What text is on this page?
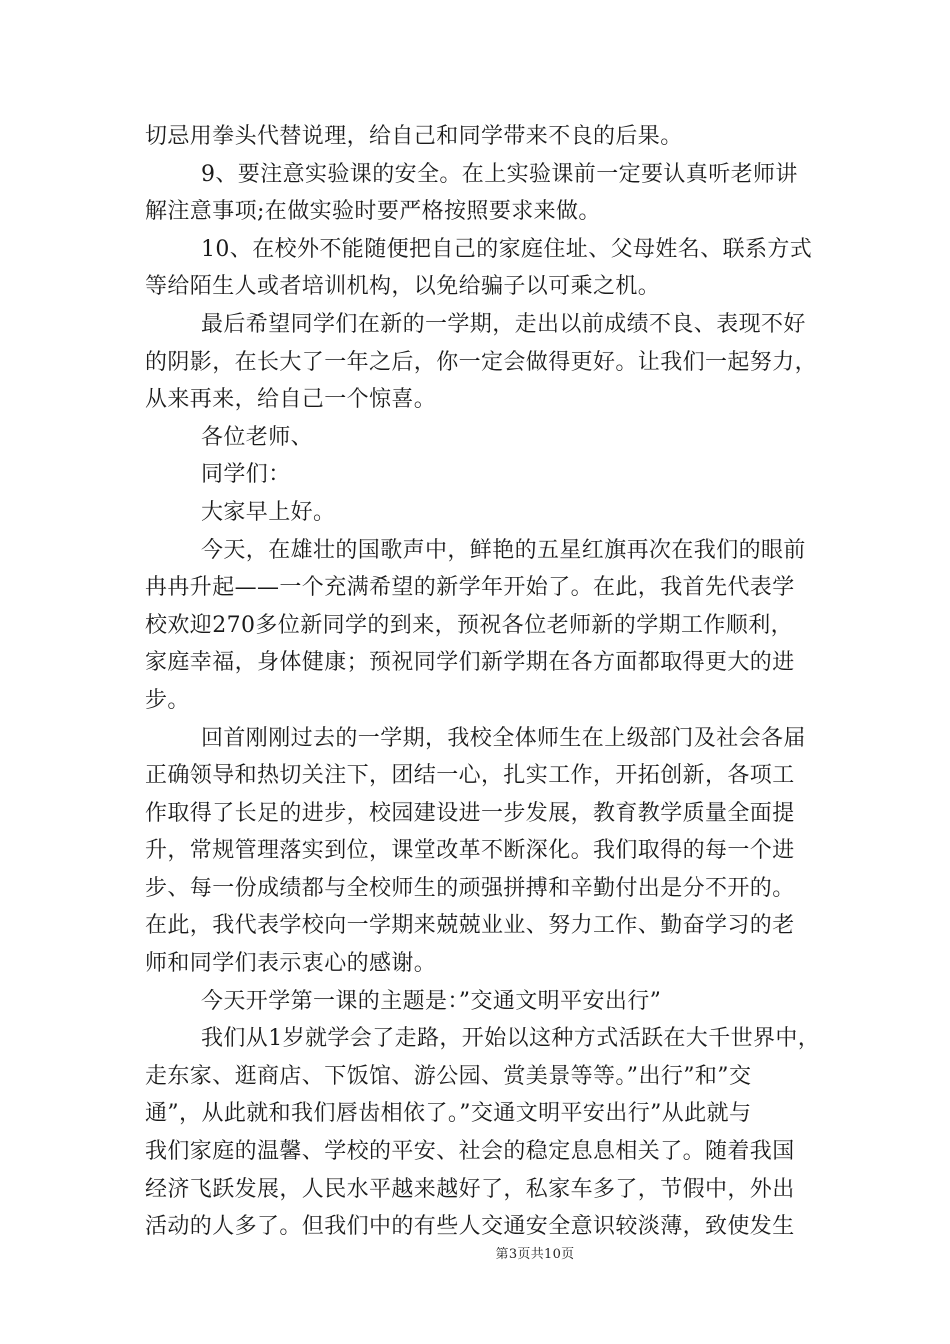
切忌用拳头代替说理，给自己和同学带来不良的后果。
9、要注意实验课的安全。在上实验课前一定要认真听老师讲
解注意事项;在做实验时要严格按照要求来做。
10、在校外不能随便把自己的家庭住址、父母姓名、联系方式
等给陌生人或者培训机构，以免给骗子以可乘之机。
最后希望同学们在新的一学期，走出以前成绩不良、表现不好
的阴影，在长大了一年之后，你一定会做得更好。让我们一起努力，
从来再来，给自己一个惊喜。
各位老师、
同学们：
大家早上好。
今天，在雄壮的国歌声中，鲜艳的五星红旗再次在我们的眼前
冉冉升起——一个充满希望的新学年开始了。在此，我首先代表学
校欢迎270多位新同学的到来，预祝各位老师新的学期工作顺利，
家庭幸福，身体健康；预祝同学们新学期在各方面都取得更大的进
步。
回首刚刚过去的一学期，我校全体师生在上级部门及社会各届
正确领导和热切关注下，团结一心，扎实工作，开拓创新，各项工
作取得了长足的进步，校园建设进一步发展，教育教学质量全面提
升，常规管理落实到位，课堂改革不断深化。我们取得的每一个进
步、每一份成绩都与全校师生的顽强拼搏和辛勤付出是分不开的。
在此，我代表学校向一学期来兢兢业业、努力工作、勤奋学习的老
师和同学们表示衷心的感谢。
今天开学第一课的主题是：”交通文明平安出行”
我们从1岁就学会了走路，开始以这种方式活跃在大千世界中，
走东家、逛商店、下饭馆、游公园、赏美景等等。”出行”和”交
通”，从此就和我们唇齿相依了。”交通文明平安出行”从此就与
我们家庭的温馨、学校的平安、社会的稳定息息相关了。随着我国
经济飞跃发展，人民水平越来越好了，私家车多了，节假中，外出
活动的人多了。但我们中的有些人交通安全意识较淡薄，致使发生
第3页共10页
